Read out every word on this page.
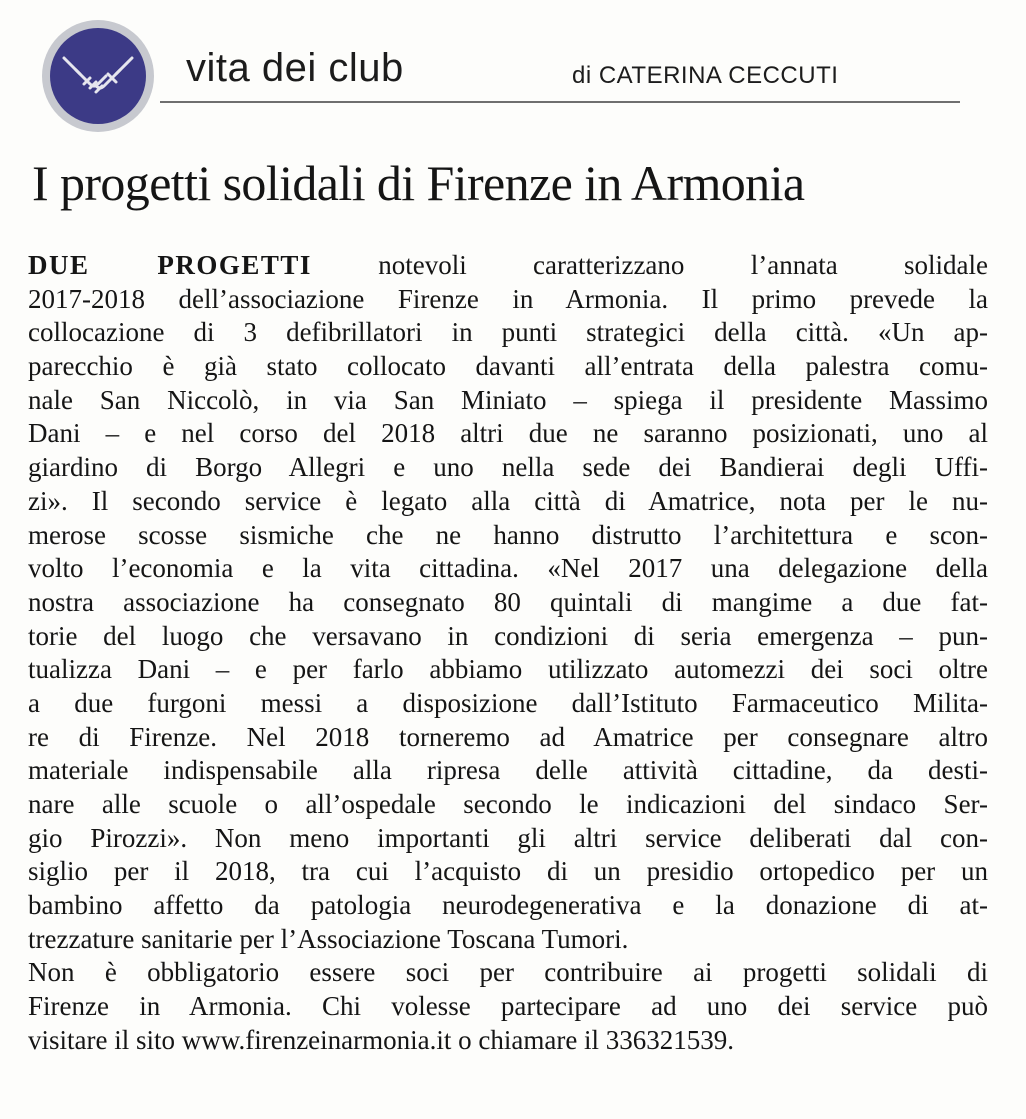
vita dei club	di CATERINA CECCUTI
I progetti solidali di Firenze in Armonia
DUE PROGETTI notevoli caratterizzano l’annata solidale
2017-2018 dell’associazione Firenze in Armonia. Il primo prevede la
collocazione di 3 defibrillatori in punti strategici della città. «Un ap-
parecchio è già stato collocato davanti all’entrata della palestra comu-
nale San Niccolò, in via San Miniato – spiega il presidente Massimo
Dani – e nel corso del 2018 altri due ne saranno posizionati, uno al
giardino di Borgo Allegri e uno nella sede dei Bandierai degli Uffi-
zi». Il secondo service è legato alla città di Amatrice, nota per le nu-
merose scosse sismiche che ne hanno distrutto l’architettura e scon-
volto l’economia e la vita cittadina. «Nel 2017 una delegazione della
nostra associazione ha consegnato 80 quintali di mangime a due fat-
torie del luogo che versavano in condizioni di seria emergenza – pun-
tualizza Dani – e per farlo abbiamo utilizzato automezzi dei soci oltre
a due furgoni messi a disposizione dall’Istituto Farmaceutico Milita-
re di Firenze. Nel 2018 torneremo ad Amatrice per consegnare altro
materiale indispensabile alla ripresa delle attività cittadine, da desti-
nare alle scuole o all’ospedale secondo le indicazioni del sindaco Ser-
gio Pirozzi». Non meno importanti gli altri service deliberati dal con-
siglio per il 2018, tra cui l’acquisto di un presidio ortopedico per un
bambino affetto da patologia neurodegenerativa e la donazione di at-
trezzature sanitarie per l’Associazione Toscana Tumori.
Non è obbligatorio essere soci per contribuire ai progetti solidali di
Firenze in Armonia. Chi volesse partecipare ad uno dei service può
visitare il sito www.firenzeinarmonia.it o chiamare il 336321539.
